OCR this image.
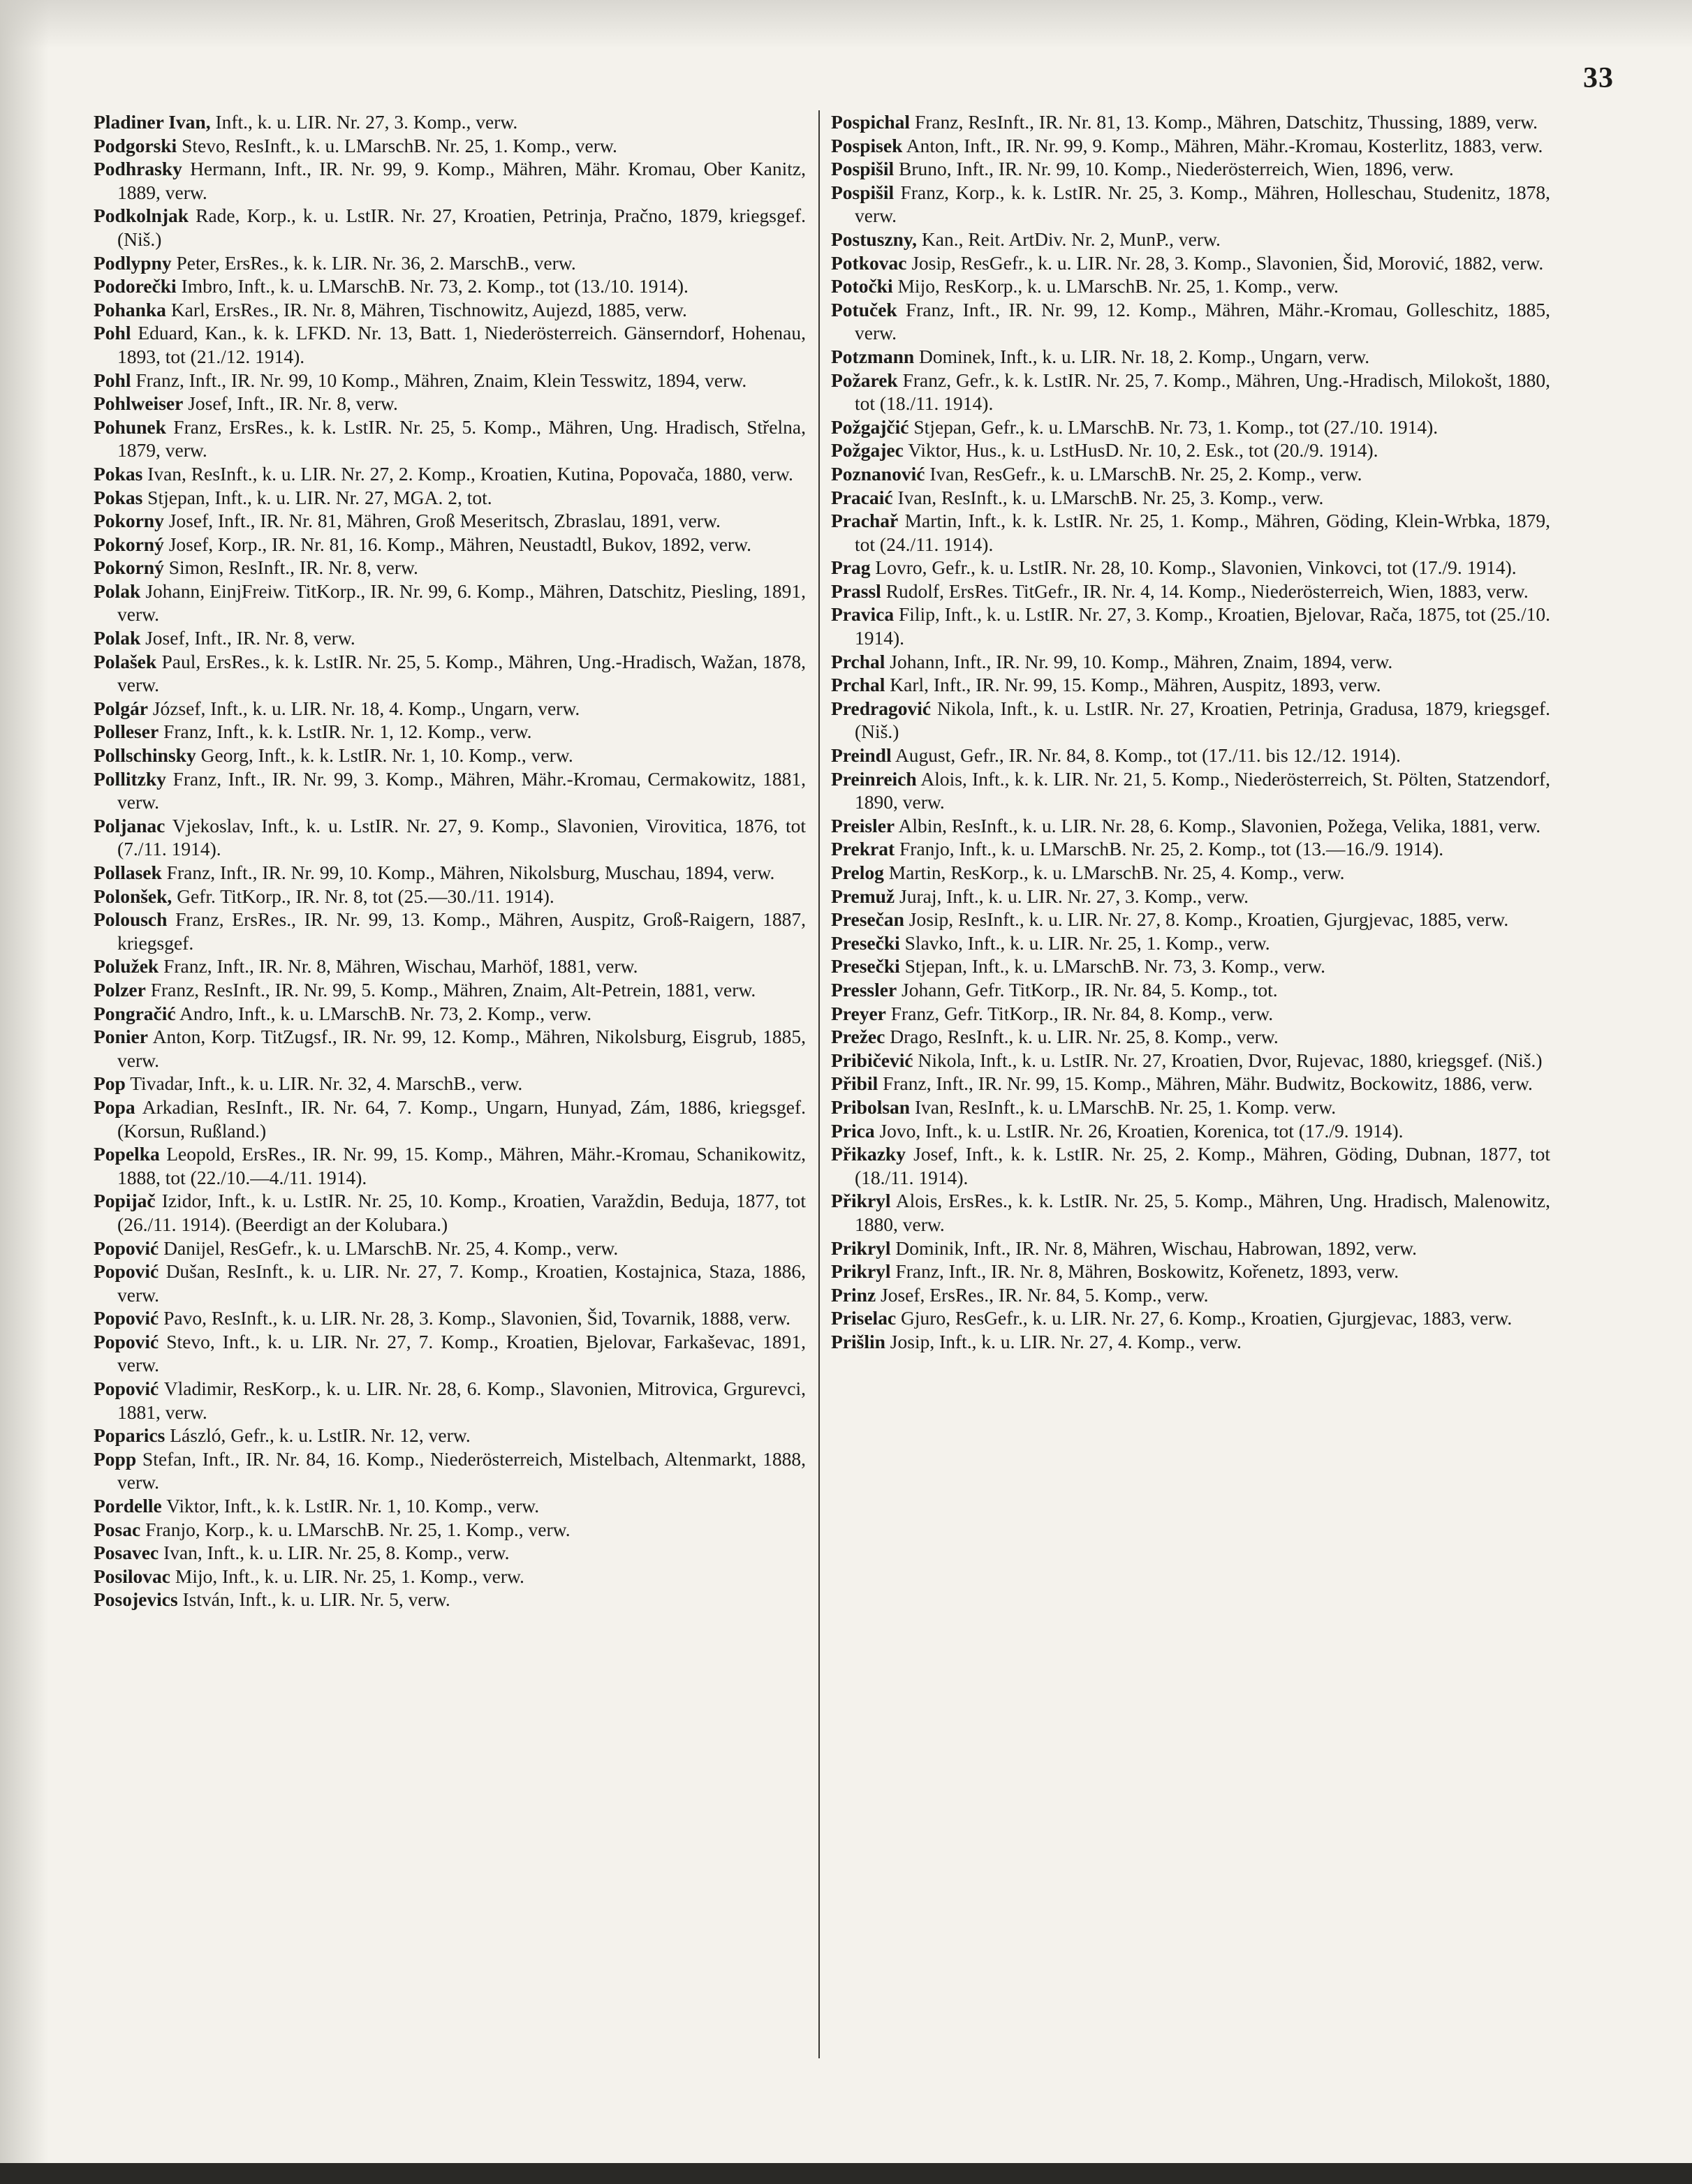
33
Pladiner Ivan, Inft., k. u. LIR. Nr. 27, 3. Komp., verw.
Podgorski Stevo, ResInft., k. u. LMarschB. Nr. 25, 1. Komp., verw.
Podhrasky Hermann, Inft., IR. Nr. 99, 9. Komp., Mähren, Mähr. Kromau, Ober Kanitz, 1889, verw.
Podkolnjak Rade, Korp., k. u. LstIR. Nr. 27, Kroatien, Petrinja, Pračno, 1879, kriegsgef. (Niš.)
Podlypny Peter, ErsRes., k. k. LIR. Nr. 36, 2. MarschB., verw.
Podorečki Imbro, Inft., k. u. LMarschB. Nr. 73, 2. Komp., tot (13./10. 1914).
Pohanka Karl, ErsRes., IR. Nr. 8, Mähren, Tischnowitz, Aujezd, 1885, verw.
Pohl Eduard, Kan., k. k. LFKD. Nr. 13, Batt. 1, Niederösterreich. Gänserndorf, Hohenau, 1893, tot (21./12. 1914).
Pohl Franz, Inft., IR. Nr. 99, 10 Komp., Mähren, Znaim, Klein Tesswitz, 1894, verw.
Pohlweiser Josef, Inft., IR. Nr. 8, verw.
Pohunek Franz, ErsRes., k. k. LstIR. Nr. 25, 5. Komp., Mähren, Ung. Hradisch, Střelna, 1879, verw.
Pokas Ivan, ResInft., k. u. LIR. Nr. 27, 2. Komp., Kroatien, Kutina, Popovača, 1880, verw.
Pokas Stjepan, Inft., k. u. LIR. Nr. 27, MGA. 2, tot.
Pokorny Josef, Inft., IR. Nr. 81, Mähren, Groß Meseritsch, Zbraslau, 1891, verw.
Pokorný Josef, Korp., IR. Nr. 81, 16. Komp., Mähren, Neustadtl, Bukov, 1892, verw.
Pokorný Simon, ResInft., IR. Nr. 8, verw.
Polak Johann, EinjFreiw. TitKorp., IR. Nr. 99, 6. Komp., Mähren, Datschitz, Piesling, 1891, verw.
Polak Josef, Inft., IR. Nr. 8, verw.
Polašek Paul, ErsRes., k. k. LstIR. Nr. 25, 5. Komp., Mähren, Ung.-Hradisch, Wažan, 1878, verw.
Polgár József, Inft., k. u. LIR. Nr. 18, 4. Komp., Ungarn, verw.
Polleser Franz, Inft., k. k. LstIR. Nr. 1, 12. Komp., verw.
Pollschinsky Georg, Inft., k. k. LstIR. Nr. 1, 10. Komp., verw.
Pollitzky Franz, Inft., IR. Nr. 99, 3. Komp., Mähren, Mähr.-Kromau, Cermakowitz, 1881, verw.
Poljanac Vjekoslav, Inft., k. u. LstIR. Nr. 27, 9. Komp., Slavonien, Virovitica, 1876, tot (7./11. 1914).
Pollasek Franz, Inft., IR. Nr. 99, 10. Komp., Mähren, Nikolsburg, Muschau, 1894, verw.
Polonšek, Gefr. TitKorp., IR. Nr. 8, tot (25.—30./11. 1914).
Polousch Franz, ErsRes., IR. Nr. 99, 13. Komp., Mähren, Auspitz, Groß-Raigern, 1887, kriegsgef.
Polužek Franz, Inft., IR. Nr. 8, Mähren, Wischau, Marhöf, 1881, verw.
Polzer Franz, ResInft., IR. Nr. 99, 5. Komp., Mähren, Znaim, Alt-Petrein, 1881, verw.
Pongračić Andro, Inft., k. u. LMarschB. Nr. 73, 2. Komp., verw.
Ponier Anton, Korp. TitZugsf., IR. Nr. 99, 12. Komp., Mähren, Nikolsburg, Eisgrub, 1885, verw.
Pop Tivadar, Inft., k. u. LIR. Nr. 32, 4. MarschB., verw.
Popa Arkadian, ResInft., IR. Nr. 64, 7. Komp., Ungarn, Hunyad, Zám, 1886, kriegsgef. (Korsun, Rußland.)
Popelka Leopold, ErsRes., IR. Nr. 99, 15. Komp., Mähren, Mähr.-Kromau, Schanikowitz, 1888, tot (22./10.—4./11. 1914).
Popijač Izidor, Inft., k. u. LstIR. Nr. 25, 10. Komp., Kroatien, Varaždin, Beduja, 1877, tot (26./11. 1914). (Beerdigt an der Kolubara.)
Popović Danijel, ResGefr., k. u. LMarschB. Nr. 25, 4. Komp., verw.
Popović Dušan, ResInft., k. u. LIR. Nr. 27, 7. Komp., Kroatien, Kostajnica, Staza, 1886, verw.
Popović Pavo, ResInft., k. u. LIR. Nr. 28, 3. Komp., Slavonien, Šid, Tovarnik, 1888, verw.
Popović Stevo, Inft., k. u. LIR. Nr. 27, 7. Komp., Kroatien, Bjelovar, Farkaševac, 1891, verw.
Popović Vladimir, ResKorp., k. u. LIR. Nr. 28, 6. Komp., Slavonien, Mitrovica, Grgurevci, 1881, verw.
Poparics László, Gefr., k. u. LstIR. Nr. 12, verw.
Popp Stefan, Inft., IR. Nr. 84, 16. Komp., Niederösterreich, Mistelbach, Altenmarkt, 1888, verw.
Pordelle Viktor, Inft., k. k. LstIR. Nr. 1, 10. Komp., verw.
Posac Franjo, Korp., k. u. LMarschB. Nr. 25, 1. Komp., verw.
Posavec Ivan, Inft., k. u. LIR. Nr. 25, 8. Komp., verw.
Posilovac Mijo, Inft., k. u. LIR. Nr. 25, 1. Komp., verw.
Posojevics István, Inft., k. u. LIR. Nr. 5, verw.
Pospichal Franz, ResInft., IR. Nr. 81, 13. Komp., Mähren, Datschitz, Thussing, 1889, verw.
Pospisek Anton, Inft., IR. Nr. 99, 9. Komp., Mähren, Mähr.-Kromau, Kosterlitz, 1883, verw.
Pospišil Bruno, Inft., IR. Nr. 99, 10. Komp., Niederösterreich, Wien, 1896, verw.
Pospišil Franz, Korp., k. k. LstIR. Nr. 25, 3. Komp., Mähren, Holleschau, Studenitz, 1878, verw.
Postuszny, Kan., Reit. ArtDiv. Nr. 2, MunP., verw.
Potkovac Josip, ResGefr., k. u. LIR. Nr. 28, 3. Komp., Slavonien, Šid, Morović, 1882, verw.
Potočki Mijo, ResKorp., k. u. LMarschB. Nr. 25, 1. Komp., verw.
Potuček Franz, Inft., IR. Nr. 99, 12. Komp., Mähren, Mähr.-Kromau, Golleschitz, 1885, verw.
Potzmann Dominek, Inft., k. u. LIR. Nr. 18, 2. Komp., Ungarn, verw.
Požarek Franz, Gefr., k. k. LstIR. Nr. 25, 7. Komp., Mähren, Ung.-Hradisch, Milokošt, 1880, tot (18./11. 1914).
Požgajčić Stjepan, Gefr., k. u. LMarschB. Nr. 73, 1. Komp., tot (27./10. 1914).
Požgajec Viktor, Hus., k. u. LstHusD. Nr. 10, 2. Esk., tot (20./9. 1914).
Poznanović Ivan, ResGefr., k. u. LMarschB. Nr. 25, 2. Komp., verw.
Pracaić Ivan, ResInft., k. u. LMarschB. Nr. 25, 3. Komp., verw.
Prachař Martin, Inft., k. k. LstIR. Nr. 25, 1. Komp., Mähren, Göding, Klein-Wrbka, 1879, tot (24./11. 1914).
Prag Lovro, Gefr., k. u. LstIR. Nr. 28, 10. Komp., Slavonien, Vinkovci, tot (17./9. 1914).
Prassl Rudolf, ErsRes. TitGefr., IR. Nr. 4, 14. Komp., Niederösterreich, Wien, 1883, verw.
Pravica Filip, Inft., k. u. LstIR. Nr. 27, 3. Komp., Kroatien, Bjelovar, Rača, 1875, tot (25./10. 1914).
Prchal Johann, Inft., IR. Nr. 99, 10. Komp., Mähren, Znaim, 1894, verw.
Prchal Karl, Inft., IR. Nr. 99, 15. Komp., Mähren, Auspitz, 1893, verw.
Predragović Nikola, Inft., k. u. LstIR. Nr. 27, Kroatien, Petrinja, Gradusa, 1879, kriegsgef. (Niš.)
Preindl August, Gefr., IR. Nr. 84, 8. Komp., tot (17./11. bis 12./12. 1914).
Preinreich Alois, Inft., k. k. LIR. Nr. 21, 5. Komp., Niederösterreich, St. Pölten, Statzendorf, 1890, verw.
Preisler Albin, ResInft., k. u. LIR. Nr. 28, 6. Komp., Slavonien, Požega, Velika, 1881, verw.
Prekrat Franjo, Inft., k. u. LMarschB. Nr. 25, 2. Komp., tot (13.—16./9. 1914).
Prelog Martin, ResKorp., k. u. LMarschB. Nr. 25, 4. Komp., verw.
Premuž Juraj, Inft., k. u. LIR. Nr. 27, 3. Komp., verw.
Presečan Josip, ResInft., k. u. LIR. Nr. 27, 8. Komp., Kroatien, Gjurgjevac, 1885, verw.
Presečki Slavko, Inft., k. u. LIR. Nr. 25, 1. Komp., verw.
Presečki Stjepan, Inft., k. u. LMarschB. Nr. 73, 3. Komp., verw.
Pressler Johann, Gefr. TitKorp., IR. Nr. 84, 5. Komp., tot.
Preyer Franz, Gefr. TitKorp., IR. Nr. 84, 8. Komp., verw.
Prežec Drago, ResInft., k. u. LIR. Nr. 25, 8. Komp., verw.
Pribičević Nikola, Inft., k. u. LstIR. Nr. 27, Kroatien, Dvor, Rujevac, 1880, kriegsgef. (Niš.)
Přibil Franz, Inft., IR. Nr. 99, 15. Komp., Mähren, Mähr. Budwitz, Bockowitz, 1886, verw.
Pribolsan Ivan, ResInft., k. u. LMarschB. Nr. 25, 1. Komp. verw.
Prica Jovo, Inft., k. u. LstIR. Nr. 26, Kroatien, Korenica, tot (17./9. 1914).
Přikazky Josef, Inft., k. k. LstIR. Nr. 25, 2. Komp., Mähren, Göding, Dubnan, 1877, tot (18./11. 1914).
Přikryl Alois, ErsRes., k. k. LstIR. Nr. 25, 5. Komp., Mähren, Ung. Hradisch, Malenowitz, 1880, verw.
Prikryl Dominik, Inft., IR. Nr. 8, Mähren, Wischau, Habrowan, 1892, verw.
Prikryl Franz, Inft., IR. Nr. 8, Mähren, Boskowitz, Kořenetz, 1893, verw.
Prinz Josef, ErsRes., IR. Nr. 84, 5. Komp., verw.
Priselac Gjuro, ResGefr., k. u. LIR. Nr. 27, 6. Komp., Kroatien, Gjurgjevac, 1883, verw.
Prišlin Josip, Inft., k. u. LIR. Nr. 27, 4. Komp., verw.
